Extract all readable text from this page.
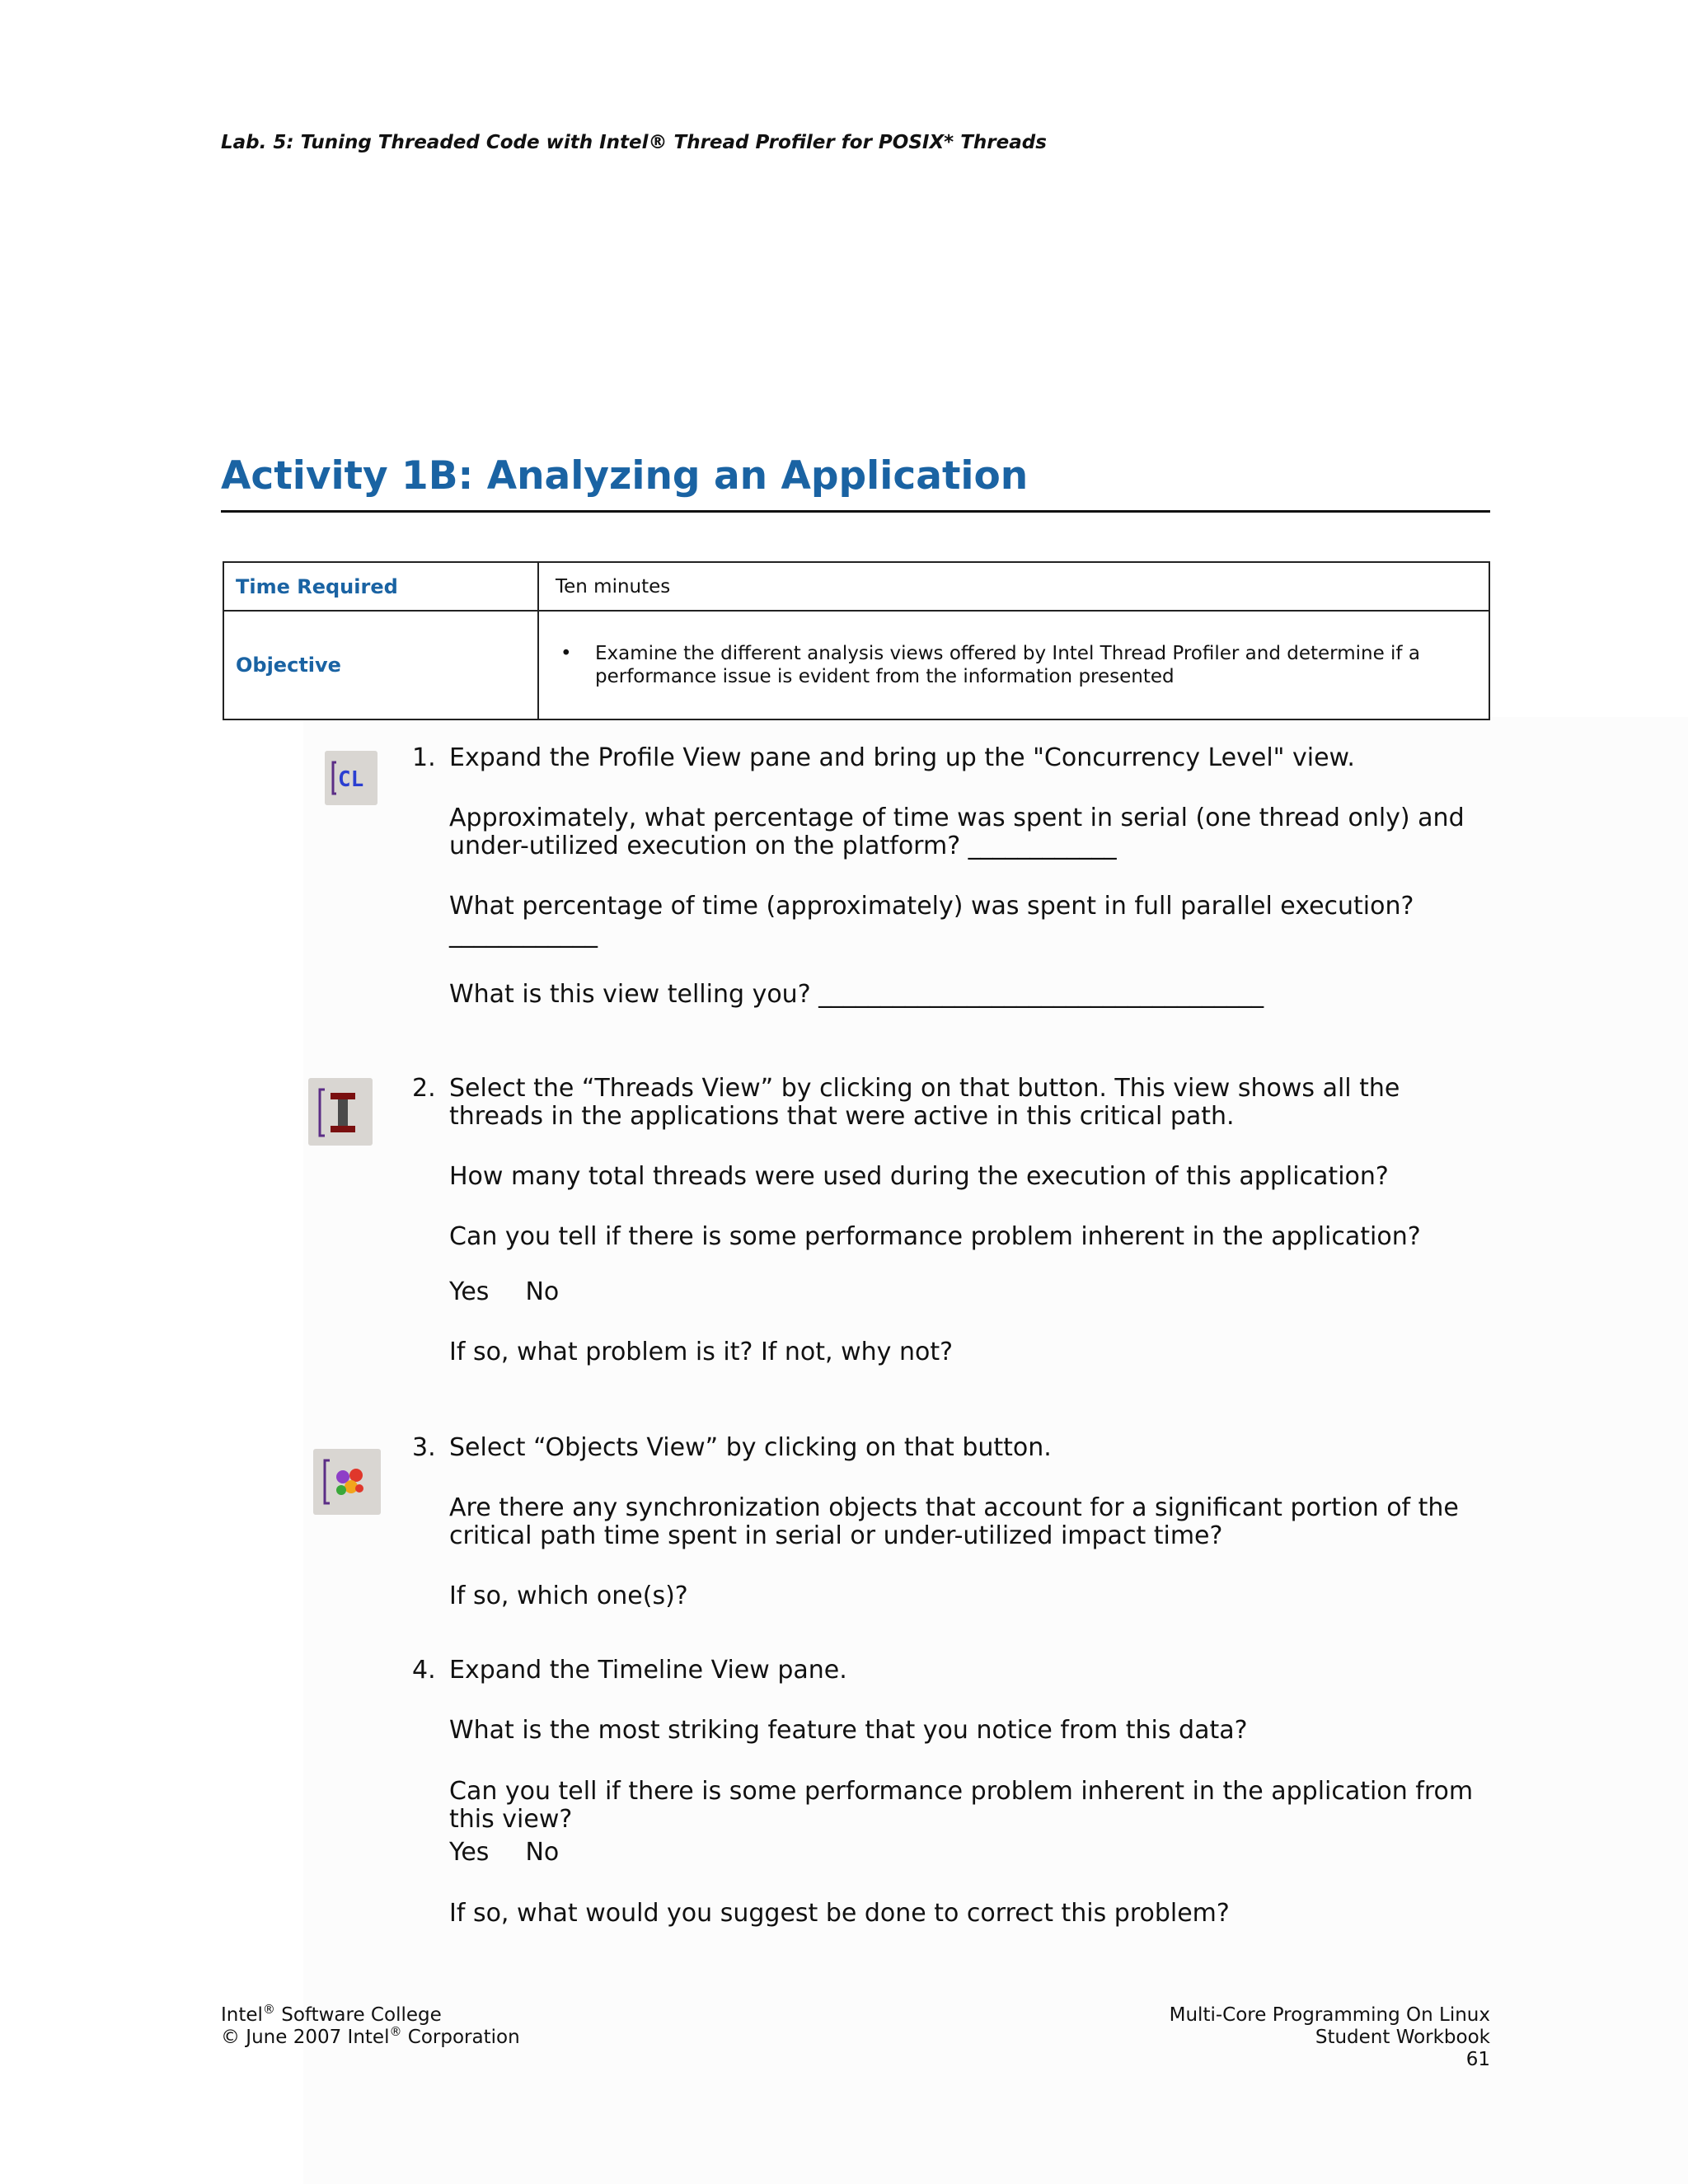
Lab. 5: Tuning Threaded Code with Intel® Thread Profiler for POSIX* Threads
Activity 1B: Analyzing an Application
Time Required	Ten minutes
Objective	• Examine the different analysis views offered by Intel Thread Profiler and determine if a performance issue is evident from the information presented
CL
1. Expand the Profile View pane and bring up the "Concurrency Level" view.

Approximately, what percentage of time was spent in serial (one thread only) and under-utilized execution on the platform? ____________

What percentage of time (approximately) was spent in full parallel execution? ____________

What is this view telling you? ____________________________________

2. Select the “Threads View” by clicking on that button. This view shows all the threads in the applications that were active in this critical path.

How many total threads were used during the execution of this application?

Can you tell if there is some performance problem inherent in the application?

Yes No

If so, what problem is it? If not, why not?

3. Select “Objects View” by clicking on that button.

Are there any synchronization objects that account for a significant portion of the critical path time spent in serial or under-utilized impact time?

If so, which one(s)?

4. Expand the Timeline View pane.

What is the most striking feature that you notice from this data?

Can you tell if there is some performance problem inherent in the application from this view?

Yes No

If so, what would you suggest be done to correct this problem?

Intel® Software College
© June 2007 Intel® Corporation
Multi-Core Programming On Linux
Student Workbook
61
